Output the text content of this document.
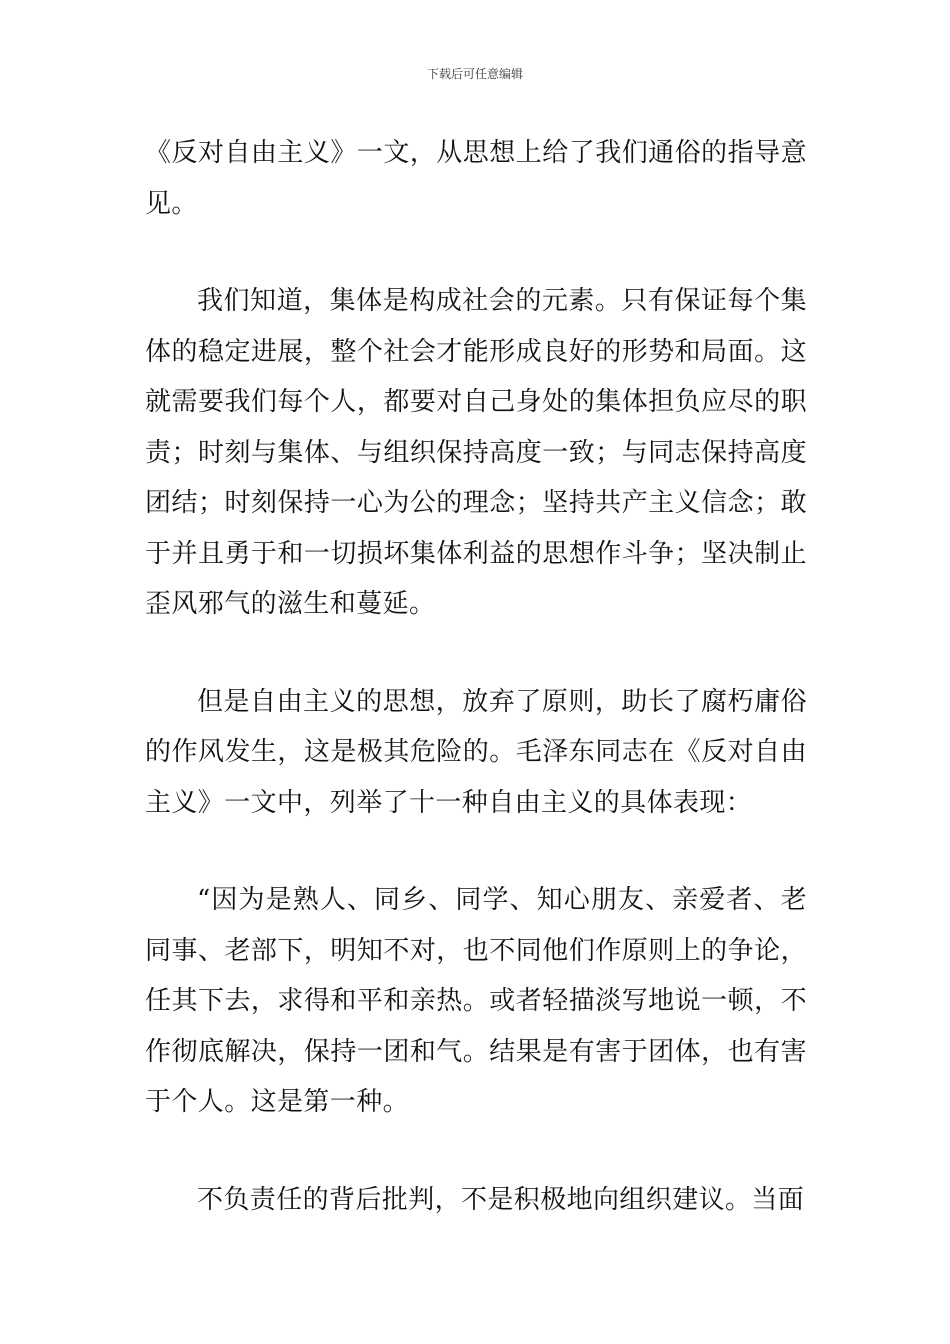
下载后可任意编辑

《反对自由主义》一文，从思想上给了我们通俗的指导意见。

我们知道，集体是构成社会的元素。只有保证每个集体的稳定进展，整个社会才能形成良好的形势和局面。这就需要我们每个人，都要对自己身处的集体担负应尽的职责；时刻与集体、与组织保持高度一致；与同志保持高度团结；时刻保持一心为公的理念；坚持共产主义信念；敢于并且勇于和一切损坏集体利益的思想作斗争；坚决制止歪风邪气的滋生和蔓延。

但是自由主义的思想，放弃了原则，助长了腐朽庸俗的作风发生，这是极其危险的。毛泽东同志在《反对自由主义》一文中，列举了十一种自由主义的具体表现：

“因为是熟人、同乡、同学、知心朋友、亲爱者、老同事、老部下，明知不对，也不同他们作原则上的争论，任其下去，求得和平和亲热。或者轻描淡写地说一顿，不作彻底解决，保持一团和气。结果是有害于团体，也有害于个人。这是第一种。

不负责任的背后批判，不是积极地向组织建议。当面
